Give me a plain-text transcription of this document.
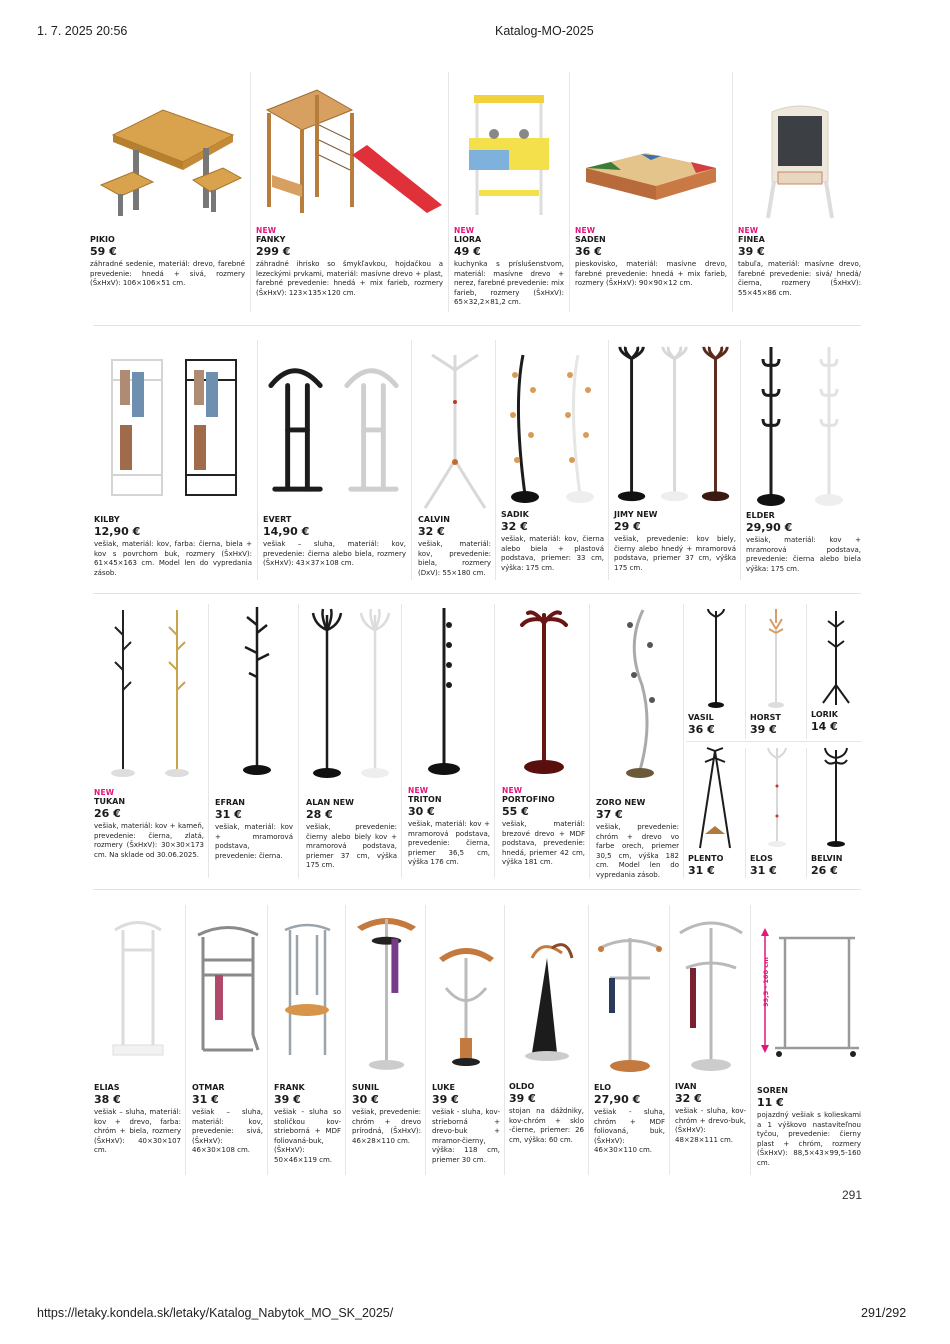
1. 7. 2025 20:56	Katalog-MO-2025
https://letaky.kondela.sk/letaky/Katalog_Nabytok_MO_SK_2025/	291/292
291
PIKIO
59 €
záhradné sedenie, materiál: drevo, farebné prevedenie: hnedá + sivá, rozmery (ŠxHxV): 106×106×51 cm.
NEW
FANKY
299 €
záhradné ihrisko so šmykľavkou, hojdačkou a lezeckými prvkami, materiál: masívne drevo + plast, farebné prevedenie: hnedá + mix farieb, rozmery (ŠxHxV): 123×135×120 cm.
NEW
LIORA
49 €
kuchynka s príslušenstvom, materiál: masívne drevo + nerez, farebné prevedenie: mix farieb, rozmery (ŠxHxV): 65×32,2×81,2 cm.
NEW
SADEN
36 €
pieskovisko, materiál: masívne drevo, farebné prevedenie: hnedá + mix farieb, rozmery (ŠxHxV): 90×90×12 cm.
NEW
FINEA
39 €
tabuľa, materiál: masívne drevo, farebné prevedenie: sivá/ hnedá/čierna, rozmery (ŠxHxV): 55×45×86 cm.
KILBY
12,90 €
vešiak, materiál: kov, farba: čierna, biela + kov s povrchom buk, rozmery (ŠxHxV): 61×45×163 cm. Model len do vypredania zásob.
EVERT
14,90 €
vešiak – sluha, materiál: kov, prevedenie: čierna alebo biela, rozmery (ŠxHxV): 43×37×108 cm.
CALVIN
32 €
vešiak, materiál: kov, prevedenie: biela, rozmery (DxV): 55×180 cm.
SADIK
32 €
vešiak, materiál: kov, čierna alebo biela + plastová podstava, priemer: 33 cm, výška: 175 cm.
JIMY NEW
29 €
vešiak, prevedenie: kov biely, čierny alebo hnedý + mramorová podstava, priemer 37 cm, výška 175 cm.
ELDER
29,90 €
vešiak, materiál: kov + mramorová podstava, prevedenie: čierna alebo biela výška: 175 cm.
NEW
TUKAN
26 €
vešiak, materiál: kov + kameň, prevedenie: čierna, zlatá, rozmery (ŠxHxV): 30×30×173 cm. Na sklade od 30.06.2025.
EFRAN
31 €
vešiak, materiál: kov + mramorová podstava, prevedenie: čierna.
ALAN NEW
28 €
vešiak, prevedenie: čierny alebo biely kov + mramorová podstava, priemer 37 cm, výška 175 cm.
NEW
TRITON
30 €
vešiak, materiál: kov + mramorová podstava, prevedenie: čierna, priemer 36,5 cm, výška 176 cm.
NEW
PORTOFINO
55 €
vešiak, materiál: brezové drevo + MDF podstava, prevedenie: hnedá, priemer 42 cm, výška 181 cm.
ZORO NEW
37 €
vešiak, prevedenie: chróm + drevo vo farbe orech, priemer 30,5 cm, výška 182 cm. Model len do vypredania zásob.
VASIL
36 €
HORST
39 €
LORIK
14 €
PLENTO
31 €
ELOS
31 €
BELVIN
26 €
ELIAS
38 €
vešiak – sluha, materiál: kov + drevo, farba: chróm + biela, rozmery (ŠxHxV): 40×30×107 cm.
OTMAR
31 €
vešiak – sluha, materiál: kov, prevedenie: sivá, (ŠxHxV): 46×30×108 cm.
FRANK
39 €
vešiak - sluha so stoličkou kov-strieborná + MDF foliovaná-buk, (ŠxHxV): 50×46×119 cm.
SUNIL
30 €
vešiak, prevedenie: chróm + drevo prírodná, (ŠxHxV): 46×28×110 cm.
LUKE
39 €
vešiak - sluha, kov-strieborná + drevo-buk + mramor-čierny, výška: 118 cm, priemer 30 cm.
OLDO
39 €
stojan na dáždniky, kov-chróm + sklo -čierne, priemer: 26 cm, výška: 60 cm.
ELO
27,90 €
vešiak - sluha, chróm + MDF foliovaná, buk, (ŠxHxV): 46×30×110 cm.
IVAN
32 €
vešiak - sluha, kov-chróm + drevo-buk, (ŠxHxV): 48×28×111 cm.
SOREN
11 €
pojazdný vešiak s kolieskami a 1 výškovo nastaviteľnou tyčou, prevedenie: čierny plast + chróm, rozmery (ŠxHxV): 88,5×43×99,5-160 cm.
99,5 - 160 cm
